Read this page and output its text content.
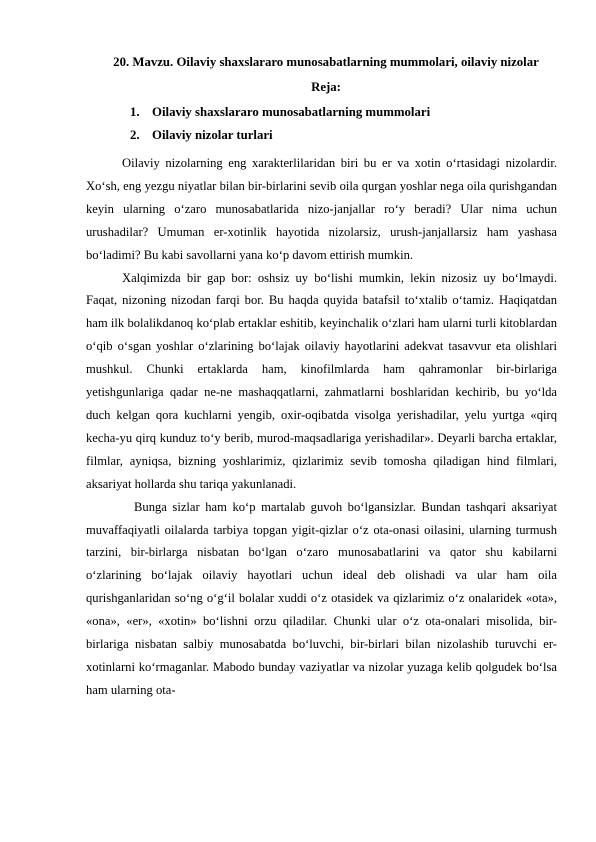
20. Mavzu. Oilaviy shaxslararo munosabatlarning mummolari, oilaviy nizolar
Reja:
1. Oilaviy shaxslararo munosabatlarning mummolari
2. Oilaviy nizolar turlari

Oilaviy nizolarning eng xarakterlilaridan biri bu er va xotin o‘rtasidagi nizolardir. Xo‘sh, eng yezgu niyatlar bilan bir-birlarini sevib oila qurgan yoshlar nega oila qurishgandan keyin ularning o‘zaro munosabatlarida nizo-janjallar ro‘y beradi? Ular nima uchun urushadilar? Umuman er-xotinlik hayotida nizolarsiz, urush-janjallarsiz ham yashasa bo‘ladimi? Bu kabi savollarni yana ko‘p davom ettirish mumkin.

Xalqimizda bir gap bor: oshsiz uy bo‘lishi mumkin, lekin nizosiz uy bo‘lmaydi. Faqat, nizoning nizodan farqi bor. Bu haqda quyida batafsil to‘xtalib o‘tamiz. Haqiqatdan ham ilk bolalikdanoq ko‘plab ertaklar eshitib, keyinchalik o‘zlari ham ularni turli kitoblardan o‘qib o‘sgan yoshlar o‘zlarining bo‘lajak oilaviy hayotlarini adekvat tasavvur eta olishlari mushkul. Chunki ertaklarda ham, kinofilmlarda ham qahramonlar bir-birlariga yetishgunlariga qadar ne-ne mashaqqatlarni, zahmatlarni boshlaridan kechirib, bu yo‘lda duch kelgan qora kuchlarni yengib, oxir-oqibatda visolga yerishadilar, yelu yurtga «qirq kecha-yu qirq kunduz to‘y berib, murod-maqsadlariga yerishadilar». Deyarli barcha ertaklar, filmlar, ayniqsa, bizning yoshlarimiz, qizlarimiz sevib tomosha qiladigan hind filmlari, aksariyat hollarda shu tariqa yakunlanadi.

Bunga sizlar ham ko‘p martalab guvoh bo‘lgansizlar. Bundan tashqari aksariyat muvaffaqiyatli oilalarda tarbiya topgan yigit-qizlar o‘z ota-onasi oilasini, ularning turmush tarzini, bir-birlarga nisbatan bo‘lgan o‘zaro munosabatlarini va qator shu kabilarni o‘zlarining bo‘lajak oilaviy hayotlari uchun ideal deb olishadi va ular ham oila qurishganlaridan so‘ng o‘g‘il bolalar xuddi o‘z otasidek va qizlarimiz o‘z onalaridek «ota», «ona», «er», «xotin» bo‘lishni orzu qiladilar. Chunki ular o‘z ota-onalari misolida, bir-birlariga nisbatan salbiy munosabatda bo‘luvchi, bir-birlari bilan nizolashib turuvchi er-xotinlarni ko‘rmaganlar. Mabodo bunday vaziyatlar va nizolar yuzaga kelib qolgudek bo‘lsa ham ularning ota-
